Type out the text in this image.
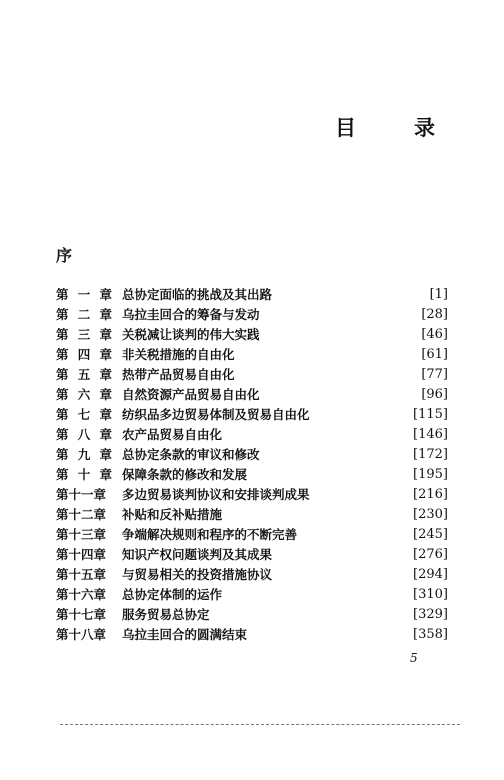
目	录
序
第 一 章 总协定面临的挑战及其出路	[1]
第 二 章 乌拉圭回合的筹备与发动	[28]
第 三 章 关税减让谈判的伟大实践	[46]
第 四 章 非关税措施的自由化	[61]
第 五 章 热带产品贸易自由化	[77]
第 六 章 自然资源产品贸易自由化	[96]
第 七 章 纺织品多边贸易体制及贸易自由化	[115]
第 八 章 农产品贸易自由化	[146]
第 九 章 总协定条款的审议和修改	[172]
第 十 章 保障条款的修改和发展	[195]
第十一章 多边贸易谈判协议和安排谈判成果	[216]
第十二章 补贴和反补贴措施	[230]
第十三章 争端解决规则和程序的不断完善	[245]
第十四章 知识产权问题谈判及其成果	[276]
第十五章 与贸易相关的投资措施协议	[294]
第十六章 总协定体制的运作	[310]
第十七章 服务贸易总协定	[329]
第十八章 乌拉圭回合的圆满结束	[358]
5
